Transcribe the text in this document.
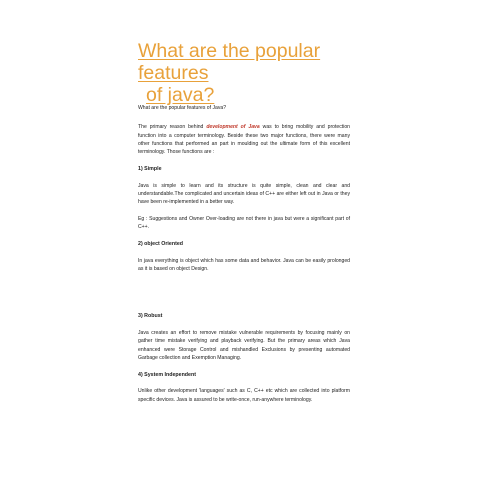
What are the popular features
of java?

What are the popular features of Java?

The primary reason behind development of Java was to bring mobility and protection function into a computer terminology. Beside these two major functions, there were many other functions that performed an part in moulding out the ultimate form of this excellent terminology. Those functions are :

1) Simple

Java is simple to learn and its structure is quite simple, clean and clear and understandable.The complicated and uncertain ideas of C++ are either left out in Java or they have been re-implemented in a better way.

Eg : Suggestions and Owner Over-loading are not there in java but were a significant part of C++.

2) object Oriented

In java everything is object which has some data and behavior. Java can be easily prolonged as it is based on object Design.

3) Robust

Java creates an effort to remove mistake vulnerable requirements by focusing mainly on gather time mistake verifying and playback verifying. But the primary areas which Java enhanced were Storage Control and mishandled Exclusions by presenting automated Garbage collection and Exemption Managing.

4) System Independent

Unlike other development 'languages' such as C, C++ etc which are collected into platform specific devices. Java is assured to be write-once, run-anywhere terminology.
